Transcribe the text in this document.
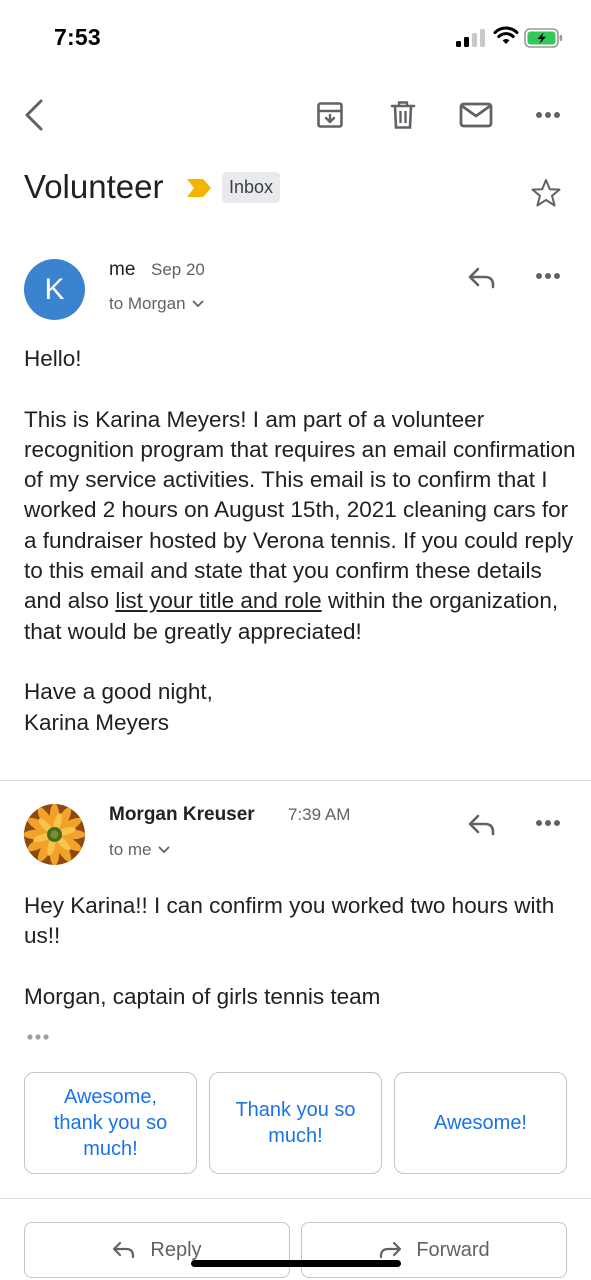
7:53
Volunteer	Inbox
K
me Sep 20
to Morgan

Hello!

This is Karina Meyers! I am part of a volunteer recognition program that requires an email confirmation of my service activities. This email is to confirm that I worked 2 hours on August 15th, 2021 cleaning cars for a fundraiser hosted by Verona tennis. If you could reply to this email and state that you confirm these details and also list your title and role within the organization, that would be greatly appreciated!

Have a good night,

Karina Meyers

Morgan Kreuser 7:39 AM
to me

Hey Karina!! I can confirm you worked two hours with us!!

Morgan, captain of girls tennis team

Awesome, thank you so much!
Thank you so much!
Awesome!
Reply	Forward
